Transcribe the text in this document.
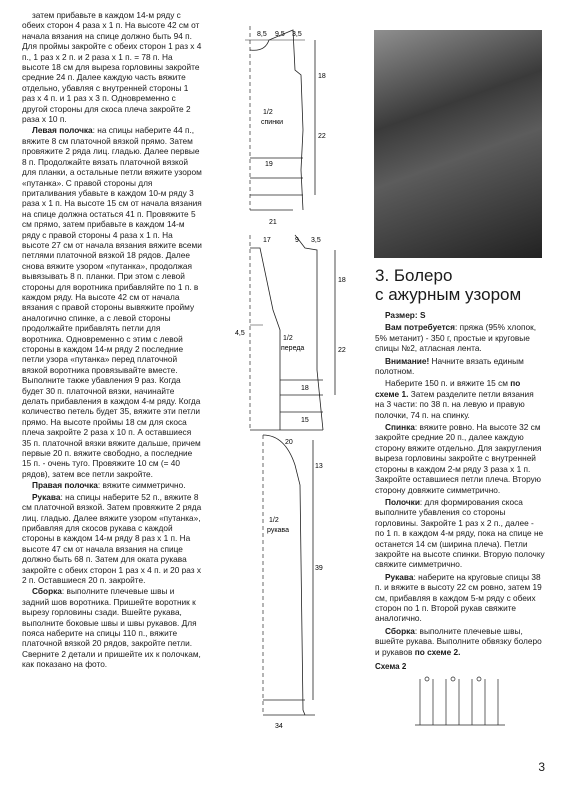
затем прибавьте в каждом 14-м ряду с обеих сторон 4 раза х 1 п. На высоте 42 см от начала вязания на спице должно быть 94 п. Для проймы закройте с обеих сторон 1 раз х 4 п., 1 раз х 2 п. и 2 раза х 1 п. = 78 п. На высоте 18 см для выреза горловины закройте средние 24 п. Далее каждую часть вяжите отдельно, убавляя с внутренней стороны 1 раз х 4 п. и 1 раз х 3 п. Одновременно с другой стороны для скоса плеча закройте 2 раза х 10 п.

Левая полочка: на спицы наберите 44 п., вяжите 8 см платочной вязкой прямо. Затем провяжите 2 ряда лиц. гладью. Далее первые 8 п. Продолжайте вязать платочной вязкой для планки, а остальные петли вяжите узором «путанка». С правой стороны для приталивания убавьте в каждом 10-м ряду 3 раза х 1 п. На высоте 15 см от начала вязания на спице должна остаться 41 п. Провяжите 5 см прямо, затем прибавьте в каждом 14-м ряду с правой стороны 4 раза х 1 п. На высоте 27 см от начала вязания вяжите всеми петлями платочной вязкой 18 рядов. Далее снова вяжите узором «путанка», продолжая вывязывать 8 п. планки. При этом с левой стороны для воротника прибавляйте по 1 п. в каждом ряду. На высоте 42 см от начала вязания с правой стороны вывяжите пройму аналогично спинке, а с левой стороны продолжайте прибавлять петли для воротника. Одновременно с этим с левой стороны в каждом 14-м ряду 2 последние петли узора «путанка» перед платочной вязкой воротника провязывайте вместе. Выполните также убавления 9 раз. Когда будет 30 п. платочной вязки, начинайте делать прибавления в каждом 4-м ряду. Когда количество петель будет 35, вяжите эти петли прямо. На высоте проймы 18 см для скоса плеча закройте 2 раза х 10 п. А оставшиеся 35 п. платочной вязки вяжите дальше, причем первые 20 п. вяжите свободно, а последние 15 п. - очень туго. Провяжите 10 см (= 40 рядов), затем все петли закройте.

Правая полочка: вяжите симметрично.

Рукава: на спицы наберите 52 п., вяжите 8 см платочной вязкой. Затем провяжите 2 ряда лиц. гладью. Далее вяжите узором «путанка», прибавляя для скосов рукава с каждой стороны в каждом 14-м ряду 8 раз х 1 п. На высоте 47 см от начала вязания на спице должно быть 68 п. Затем для оката рукава закройте с обеих сторон 1 раз х 4 п. и 20 раз х 2 п. Оставшиеся 20 п. закройте.

Сборка: выполните плечевые швы и задний шов воротника. Пришейте воротник к вырезу горловины сзади. Вшейте рукава, выполните боковые швы и швы рукавов. Для пояса наберите на спицы 110 п., вяжите платочной вязкой 20 рядов, закройте петли. Сверните 2 детали и пришейте их к полочкам, как показано на фото.

8,5 9,5 3,5
18
22
19
21
1/2
спинки
17	9 3,5
4,5
18
22
18
15
20
1/2
переда
13
39
34
1/2
рукава
3. Болеро
с ажурным узором

Размер: S

Вам потребуется: пряжа (95% хлопок, 5% метанит) - 350 г, простые и круговые спицы №2, атласная лента.

Внимание! Начните вязать единым полотном.

Наберите 150 п. и вяжите 15 см по схеме 1. Затем разделите петли вязания на 3 части: по 38 п. на левую и правую полочки, 74 п. на спинку.

Спинка: вяжите ровно. На высоте 32 см закройте средние 20 п., далее каждую сторону вяжите отдельно. Для закругления выреза горловины закройте с внутренней стороны в каждом 2-м ряду 3 раза х 1 п. Закройте оставшиеся петли плеча. Вторую сторону довяжите симметрично.

Полочки: для формирования скоса выполните убавления со стороны горловины. Закройте 1 раз х 2 п., далее - по 1 п. в каждом 4-м ряду, пока на спице не останется 14 см (ширина плеча). Петли закройте на высоте спинки. Вторую полочку свяжите симметрично.

Рукава: наберите на круговые спицы 38 п. и вяжите в высоту 22 см ровно, затем 19 см, прибавляя в каждом 5-м ряду с обеих сторон по 1 п. Второй рукав свяжите аналогично.

Сборка: выполните плечевые швы, вшейте рукава. Выполните обвязку болеро и рукавов по схеме 2.

Схема 2
3
